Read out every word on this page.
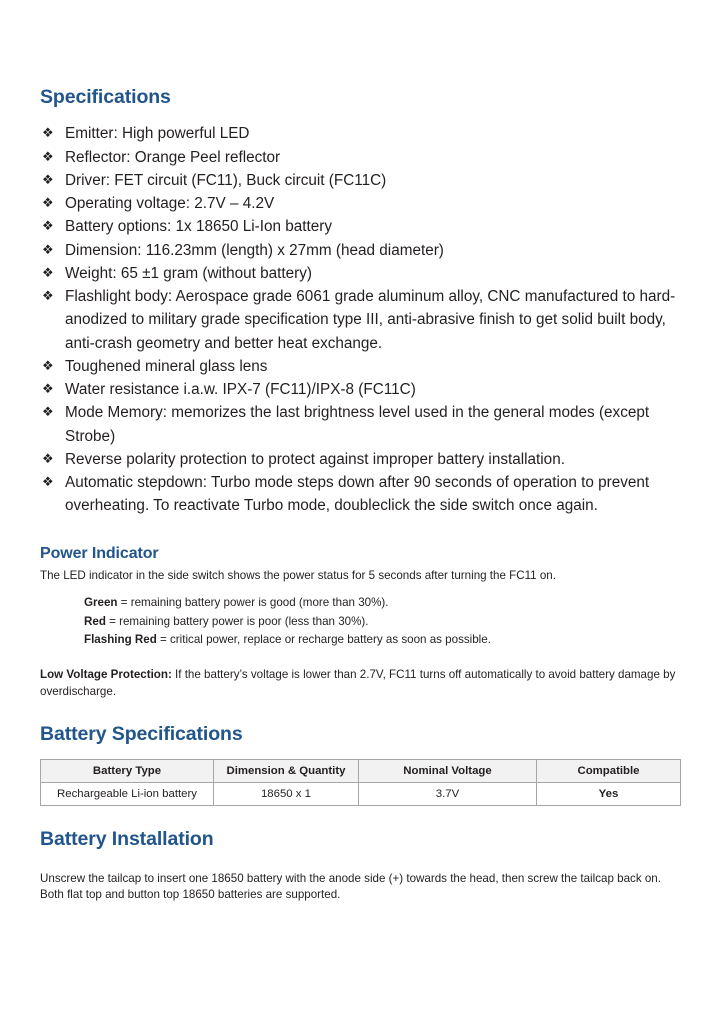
Specifications
❖ Emitter: High powerful LED
❖ Reflector: Orange Peel reflector
❖ Driver: FET circuit (FC11), Buck circuit (FC11C)
❖ Operating voltage: 2.7V – 4.2V
❖ Battery options: 1x 18650 Li-Ion battery
❖ Dimension: 116.23mm (length) x 27mm (head diameter)
❖ Weight: 65 ±1 gram (without battery)
❖ Flashlight body: Aerospace grade 6061 grade aluminum alloy, CNC manufactured to hard-anodized to military grade specification type III, anti-abrasive finish to get solid built body, anti-crash geometry and better heat exchange.
❖ Toughened mineral glass lens
❖ Water resistance i.a.w. IPX-7 (FC11)/IPX-8 (FC11C)
❖ Mode Memory: memorizes the last brightness level used in the general modes (except Strobe)
❖ Reverse polarity protection to protect against improper battery installation.
❖ Automatic stepdown: Turbo mode steps down after 90 seconds of operation to prevent overheating. To reactivate Turbo mode, doubleclick the side switch once again.
Power Indicator
The LED indicator in the side switch shows the power status for 5 seconds after turning the FC11 on.
Green = remaining battery power is good (more than 30%).
Red = remaining battery power is poor (less than 30%).
Flashing Red = critical power, replace or recharge battery as soon as possible.
Low Voltage Protection: If the battery’s voltage is lower than 2.7V, FC11 turns off automatically to avoid battery damage by overdischarge.
Battery Specifications
Battery Type	Dimension & Quantity	Nominal Voltage	Compatible
Rechargeable Li-ion battery	18650 x 1	3.7V	Yes
Battery Installation
Unscrew the tailcap to insert one 18650 battery with the anode side (+) towards the head, then screw the tailcap back on. Both flat top and button top 18650 batteries are supported.
